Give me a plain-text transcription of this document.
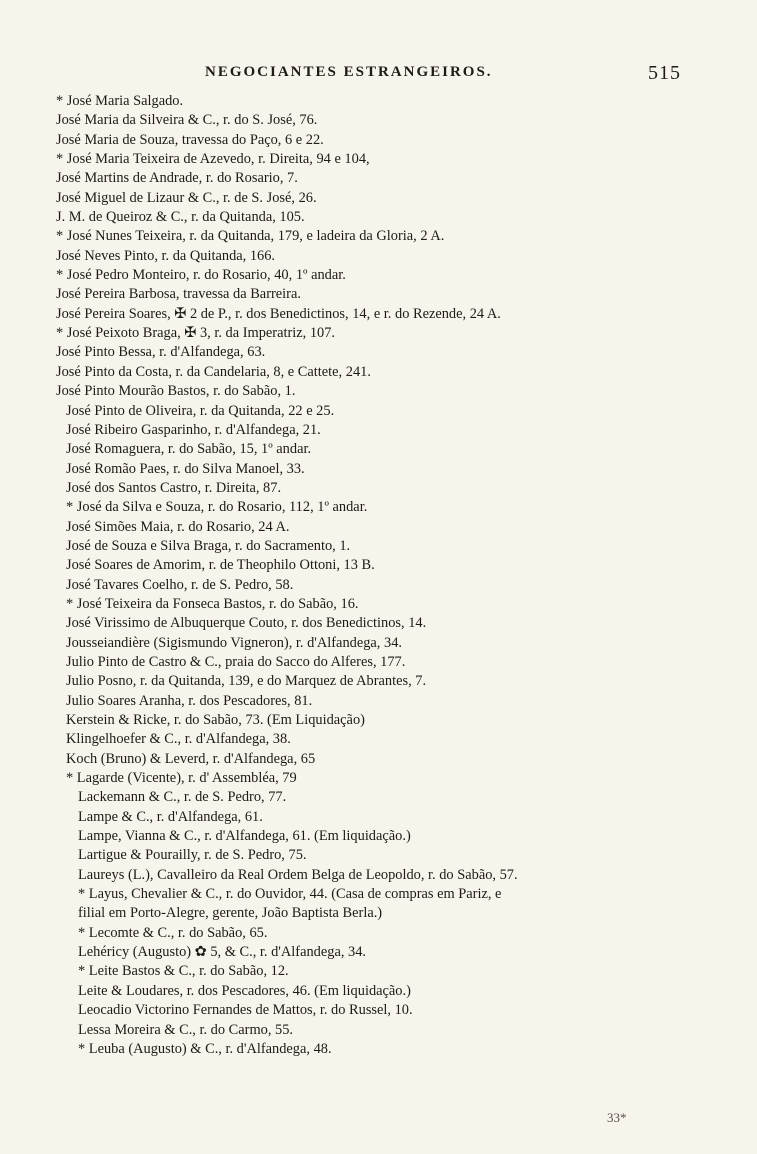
NEGOCIANTES ESTRANGEIROS.	515
* José Maria Salgado.
José Maria da Silveira & C., r. do S. José, 76.
José Maria de Souza, travessa do Paço, 6 e 22.
* José Maria Teixeira de Azevedo, r. Direita, 94 e 104,
José Martins de Andrade, r. do Rosario, 7.
José Miguel de Lizaur & C., r. de S. José, 26.
J. M. de Queiroz & C., r. da Quitanda, 105.
* José Nunes Teixeira, r. da Quitanda, 179, e ladeira da Gloria, 2 A.
José Neves Pinto, r. da Quitanda, 166.
* José Pedro Monteiro, r. do Rosario, 40, 1º andar.
José Pereira Barbosa, travessa da Barreira.
José Pereira Soares, ✠ 2 de P., r. dos Benedictinos, 14, e r. do Rezende, 24 A.
* José Peixoto Braga, ✠ 3, r. da Imperatriz, 107.
José Pinto Bessa, r. d'Alfandega, 63.
José Pinto da Costa, r. da Candelaria, 8, e Cattete, 241.
José Pinto Mourão Bastos, r. do Sabão, 1.
José Pinto de Oliveira, r. da Quitanda, 22 e 25.
José Ribeiro Gasparinho, r. d'Alfandega, 21.
José Romaguera, r. do Sabão, 15, 1º andar.
José Romão Paes, r. do Silva Manoel, 33.
José dos Santos Castro, r. Direita, 87.
* José da Silva e Souza, r. do Rosario, 112, 1º andar.
José Simões Maia, r. do Rosario, 24 A.
José de Souza e Silva Braga, r. do Sacramento, 1.
José Soares de Amorim, r. de Theophilo Ottoni, 13 B.
José Tavares Coelho, r. de S. Pedro, 58.
* José Teixeira da Fonseca Bastos, r. do Sabão, 16.
José Virissimo de Albuquerque Couto, r. dos Benedictinos, 14.
Jousseiandière (Sigismundo Vigneron), r. d'Alfandega, 34.
Julio Pinto de Castro & C., praia do Sacco do Alferes, 177.
Julio Posno, r. da Quitanda, 139, e do Marquez de Abrantes, 7.
Julio Soares Aranha, r. dos Pescadores, 81.
Kerstein & Ricke, r. do Sabão, 73. (Em Liquidação)
Klingelhoefer & C., r. d'Alfandega, 38.
Koch (Bruno) & Leverd, r. d'Alfandega, 65
* Lagarde (Vicente), r. d' Assembléa, 79
Lackemann & C., r. de S. Pedro, 77.
Lampe & C., r. d'Alfandega, 61.
Lampe, Vianna & C., r. d'Alfandega, 61. (Em liquidação.)
Lartigue & Pourailly, r. de S. Pedro, 75.
Laureys (L.), Cavalleiro da Real Ordem Belga de Leopoldo, r. do Sabão, 57.
* Layus, Chevalier & C., r. do Ouvidor, 44. (Casa de compras em Pariz, e
filial em Porto-Alegre, gerente, João Baptista Berla.)
* Lecomte & C., r. do Sabão, 65.
Lehéricy (Augusto) ✿ 5, & C., r. d'Alfandega, 34.
* Leite Bastos & C., r. do Sabão, 12.
Leite & Loudares, r. dos Pescadores, 46. (Em liquidação.)
Leocadio Victorino Fernandes de Mattos, r. do Russel, 10.
Lessa Moreira & C., r. do Carmo, 55.
* Leuba (Augusto) & C., r. d'Alfandega, 48.
33*
